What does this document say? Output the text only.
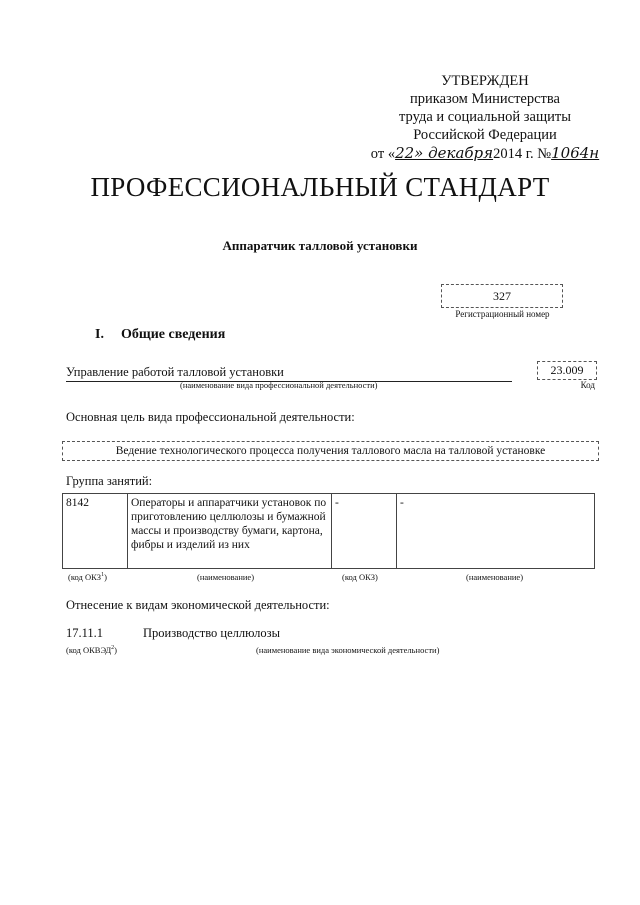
УТВЕРЖДЕН
приказом Министерства
труда и социальной защиты
Российской Федерации
от «22» декабря2014 г. №1064н
ПРОФЕССИОНАЛЬНЫЙ СТАНДАРТ
Аппаратчик талловой установки
327
Регистрационный номер
I. Общие сведения
Управление работой талловой установки
(наименование вида профессиональной деятельности)
23.009
Код
Основная цель вида профессиональной деятельности:
Ведение технологического процесса получения таллового масла на талловой установке
Группа занятий:
8142	Операторы и аппаратчики установок по приготовлению целлюлозы и бумажной массы и производству бумаги, картона, фибры и изделий из них	-	-
(код ОКЗ$^1$)	(наименование)	(код ОКЗ)	(наименование)
Отнесение к видам экономической деятельности:
17.11.1	Производство целлюлозы
(код ОКВЭД$^2$)	(наименование вида экономической деятельности)
